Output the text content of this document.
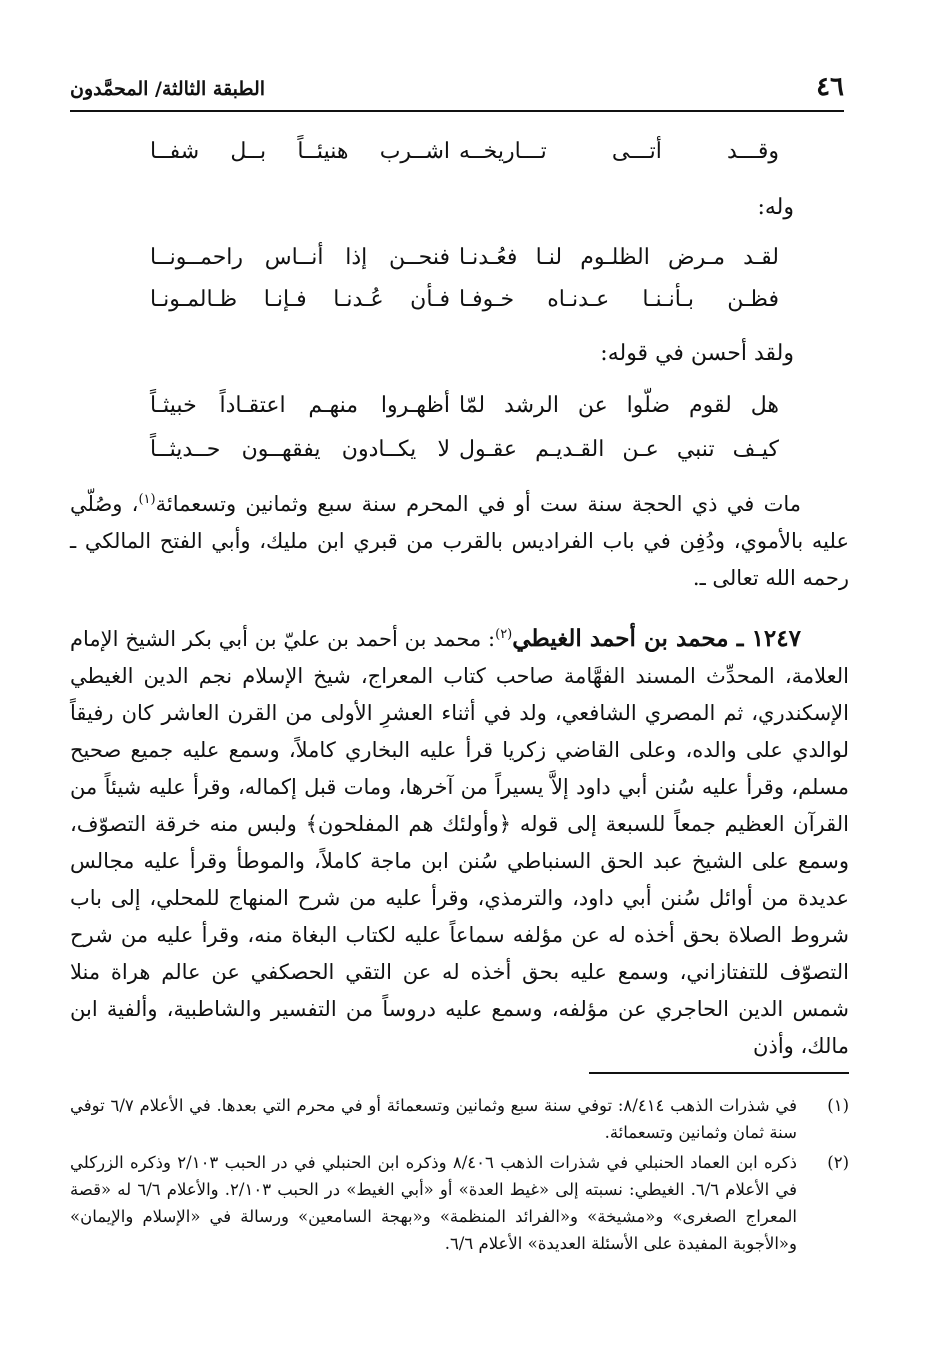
٤٦
الطبقة الثالثة/ المحمَّدون
وقـــد أتـــى تـــاريخــه
اشــرب هنيئــاً بــل شفــا
وله:
لقـد مـرض الظلـوم لنـا فعُـدنـا
فنحــن إذا أنــاس راحمــونــا
فظـن بـأنـنـا عـدنـاه خـوفـا
فـأن عُـدنـا فـإنـا ظـالمـونـا
ولقد أحسن في قوله:
هل لقوم ضلّوا عن الرشد لمّا
أظهـروا منهـم اعتقـاداً خبيثـاً
كيـف تنبي عـن القـديـم عقـول
لا يكــادون يفقهــون حــديثــاً

مات في ذي الحجة سنة ست أو في المحرم سنة سبع وثمانين وتسعمائة$^{(١)}$، وصُلّي عليه بالأموي، ودُفِن في باب الفراديس بالقرب من قبري ابن مليك، وأبي الفتح المالكي ـ رحمه الله تعالى ـ.

١٢٤٧ ـ محمد بن أحمد الغيطي$^{(٢)}$: محمد بن أحمد بن عليّ بن أبي بكر الشيخ الإمام العلامة، المحدِّث المسند الفهَّامة صاحب كتاب المعراج، شيخ الإسلام نجم الدين الغيطي الإسكندري، ثم المصري الشافعي، ولد في أثناء العشرِ الأولى من القرن العاشر كان رفيقاً لوالدي على والده، وعلى القاضي زكريا قرأ عليه البخاري كاملاً، وسمع عليه جميع صحيح مسلم، وقرأ عليه سُنن أبي داود إلاَّ يسيراً من آخرها، ومات قبل إكماله، وقرأ عليه شيئاً من القرآن العظيم جمعاً للسبعة إلى قوله ﴿وأولئك هم المفلحون﴾ ولبس منه خرقة التصوّف، وسمع على الشيخ عبد الحق السنباطي سُنن ابن ماجة كاملاً، والموطأ وقرأ عليه مجالس عديدة من أوائل سُنن أبي داود، والترمذي، وقرأ عليه من شرح المنهاج للمحلي، إلى باب شروط الصلاة بحق أخذه له عن مؤلفه سماعاً عليه لكتاب البغاة منه، وقرأ عليه من شرح التصوّف للتفتازاني، وسمع عليه بحق أخذه له عن التقي الحصكفي عن عالم هراة منلا شمس الدين الحاجري عن مؤلفه، وسمع عليه دروساً من التفسير والشاطبية، وألفية ابن مالك، وأذن

(١)
في شذرات الذهب ٨/٤١٤: توفي سنة سبع وثمانين وتسعمائة أو في محرم التي بعدها. في الأعلام ٦/٧ توفي سنة ثمان وثمانين وتسعمائة.
(٢)
ذكره ابن العماد الحنبلي في شذرات الذهب ٨/٤٠٦ وذكره ابن الحنبلي في در الحبب ٢/١٠٣ وذكره الزركلي في الأعلام ٦/٦. الغيطي: نسبته إلى «غيط العدة» أو «أبي الغيط» در الحبب ٢/١٠٣. والأعلام ٦/٦ له «قصة المعراج الصغرى» و«مشيخة» و«الفرائد المنظمة» و«بهجة السامعين» ورسالة في «الإسلام والإيمان» و«الأجوبة المفيدة على الأسئلة العديدة» الأعلام ٦/٦.
